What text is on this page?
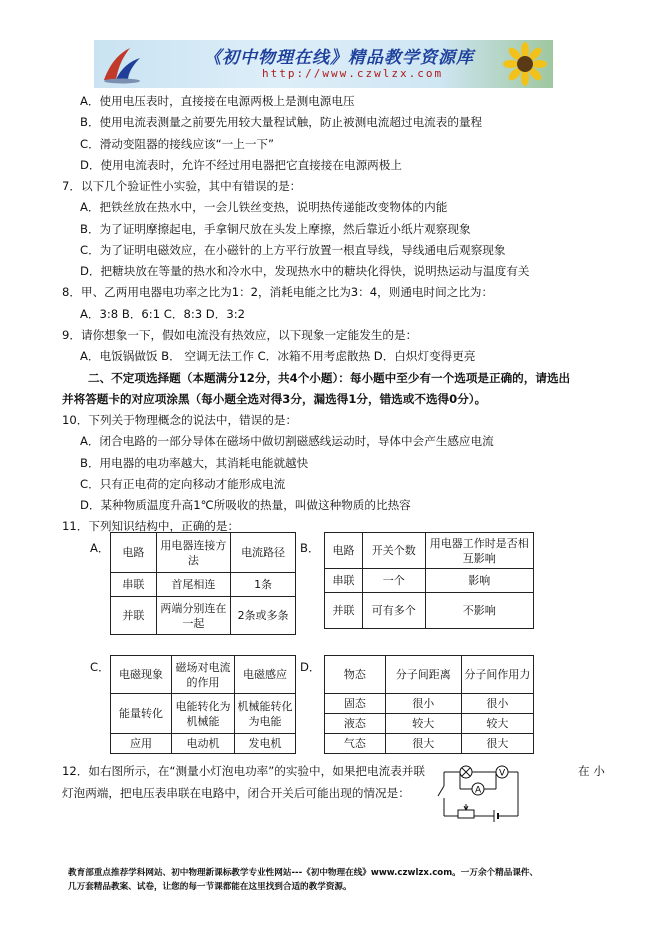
《初中物理在线》精品教学资源库
http://www.czwlzx.com
A．使用电压表时，直接接在电源两极上是测电源电压
B．使用电流表测量之前要先用较大量程试触，防止被测电流超过电流表的量程
C．滑动变阻器的接线应该“一上一下”
D．使用电流表时，允许不经过用电器把它直接接在电源两极上
7．以下几个验证性小实验，其中有错误的是：
A．把铁丝放在热水中，一会儿铁丝变热，说明热传递能改变物体的内能
B．为了证明摩擦起电，手拿铜尺放在头发上摩擦，然后靠近小纸片观察现象
C．为了证明电磁效应，在小磁针的上方平行放置一根直导线，导线通电后观察现象
D．把糖块放在等量的热水和冷水中，发现热水中的糖块化得快，说明热运动与温度有关
8．甲、乙两用电器电功率之比为1：2，消耗电能之比为3：4，则通电时间之比为：
A．3:8 B．6:1 C．8:3 D．3:2
9．请你想象一下，假如电流没有热效应，以下现象一定能发生的是：
A．电饭锅做饭 B． 空调无法工作 C．冰箱不用考虑散热 D．白炽灯变得更亮
二、不定项选择题（本题满分12分，共4个小题）：每小题中至少有一个选项是正确的，请选出
并将答题卡的对应项涂黑（每小题全选对得3分，漏选得1分，错选或不选得0分）。
10．下列关于物理概念的说法中，错误的是：
A．闭合电路的一部分导体在磁场中做切割磁感线运动时，导体中会产生感应电流
B．用电器的电功率越大，其消耗电能就越快
C．只有正电荷的定向移动才能形成电流
D．某种物质温度升高1℃所吸收的热量，叫做这种物质的比热容
11．下列知识结构中，正确的是：
12．如右图所示，在“测量小灯泡电功率”的实验中，如果把电流表并联	在 小
灯泡两端，把电压表串联在电路中，闭合开关后可能出现的情况是：
A．	B．
C．	D．
电路	用电器连接方法	电流路径
串联	首尾相连	1条
并联	两端分别连在一起	2条或多条
电路	开关个数	用电器工作时是否相互影响
串联	一个	影响
并联	可有多个	不影响
电磁现象	磁场对电流的作用	电磁感应
能量转化	电能转化为机械能	机械能转化为电能
应用	电动机	发电机
物态	分子间距离	分子间作用力
固态	很小	很小
液态	较大	较大
气态	很大	很大
V
A
教育部重点推荐学科网站、初中物理新课标教学专业性网站---《初中物理在线》www.czwlzx.com。一万余个精品课件、
几万套精品教案、试卷，让您的每一节课都能在这里找到合适的教学资源。
